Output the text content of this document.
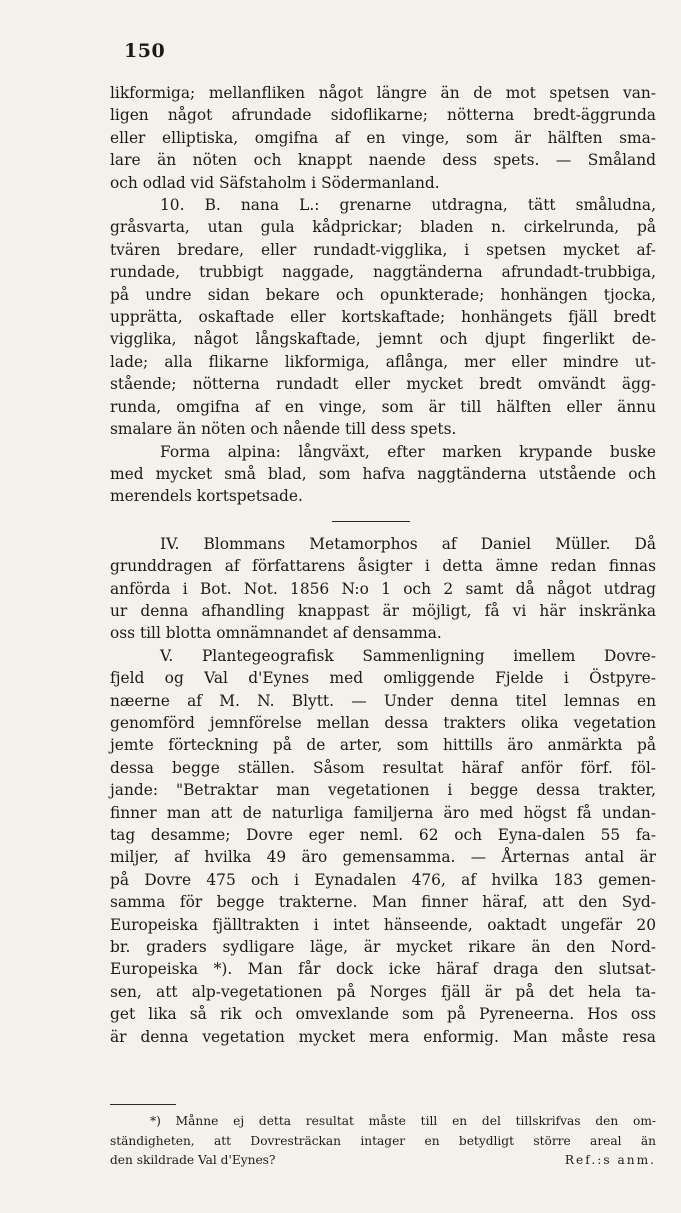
150
likformiga; mellanfliken något längre än de mot spetsen van-
ligen något afrundade sidoflikarne; nötterna bredt-äggrunda
eller elliptiska, omgifna af en vinge, som är hälften sma-
lare än nöten och knappt naende dess spets. — Småland
och odlad vid Säfstaholm i Södermanland.
10. B. nana L.: grenarne utdragna, tätt småludna,
gråsvarta, utan gula kådprickar; bladen n. cirkelrunda, på
tvären bredare, eller rundadt-vigglika, i spetsen mycket af-
rundade, trubbigt naggade, naggtänderna afrundadt-trubbiga,
på undre sidan bekare och opunkterade; honhängen tjocka,
upprätta, oskaftade eller kortskaftade; honhängets fjäll bredt
vigglika, något långskaftade, jemnt och djupt fingerlikt de-
lade; alla flikarne likformiga, aflånga, mer eller mindre ut-
stående; nötterna rundadt eller mycket bredt omvändt ägg-
runda, omgifna af en vinge, som är till hälften eller ännu
smalare än nöten och nående till dess spets.
Forma alpina: långväxt, efter marken krypande buske
med mycket små blad, som hafva naggtänderna utstående och
merendels kortspetsade.
IV. Blommans Metamorphos af Daniel Müller. Då
grunddragen af författarens åsigter i detta ämne redan finnas
anförda i Bot. Not. 1856 N:o 1 och 2 samt då något utdrag
ur denna afhandling knappast är möjligt, få vi här inskränka
oss till blotta omnämnandet af densamma.
V. Plantegeografisk Sammenligning imellem Dovre-
fjeld og Val d'Eynes med omliggende Fjelde i Östpyre-
næerne af M. N. Blytt. — Under denna titel lemnas en
genomförd jemnförelse mellan dessa trakters olika vegetation
jemte förteckning på de arter, som hittills äro anmärkta på
dessa begge ställen. Såsom resultat häraf anför förf. föl-
jande: "Betraktar man vegetationen i begge dessa trakter,
finner man att de naturliga familjerna äro med högst få undan-
tag desamme; Dovre eger neml. 62 och Eyna-dalen 55 fa-
miljer, af hvilka 49 äro gemensamma. — Årternas antal är
på Dovre 475 och i Eynadalen 476, af hvilka 183 gemen-
samma för begge trakterne. Man finner häraf, att den Syd-
Europeiska fjälltrakten i intet hänseende, oaktadt ungefär 20
br. graders sydligare läge, är mycket rikare än den Nord-
Europeiska *). Man får dock icke häraf draga den slutsat-
sen, att alp-vegetationen på Norges fjäll är på det hela ta-
get lika så rik och omvexlande som på Pyreneerna. Hos oss
är denna vegetation mycket mera enformig. Man måste resa
*) Månne ej detta resultat måste till en del tillskrifvas den om-
ständigheten, att Dovresträckan intager en betydligt större areal än
den skildrade Val d'Eynes?	Ref.:s anm.
